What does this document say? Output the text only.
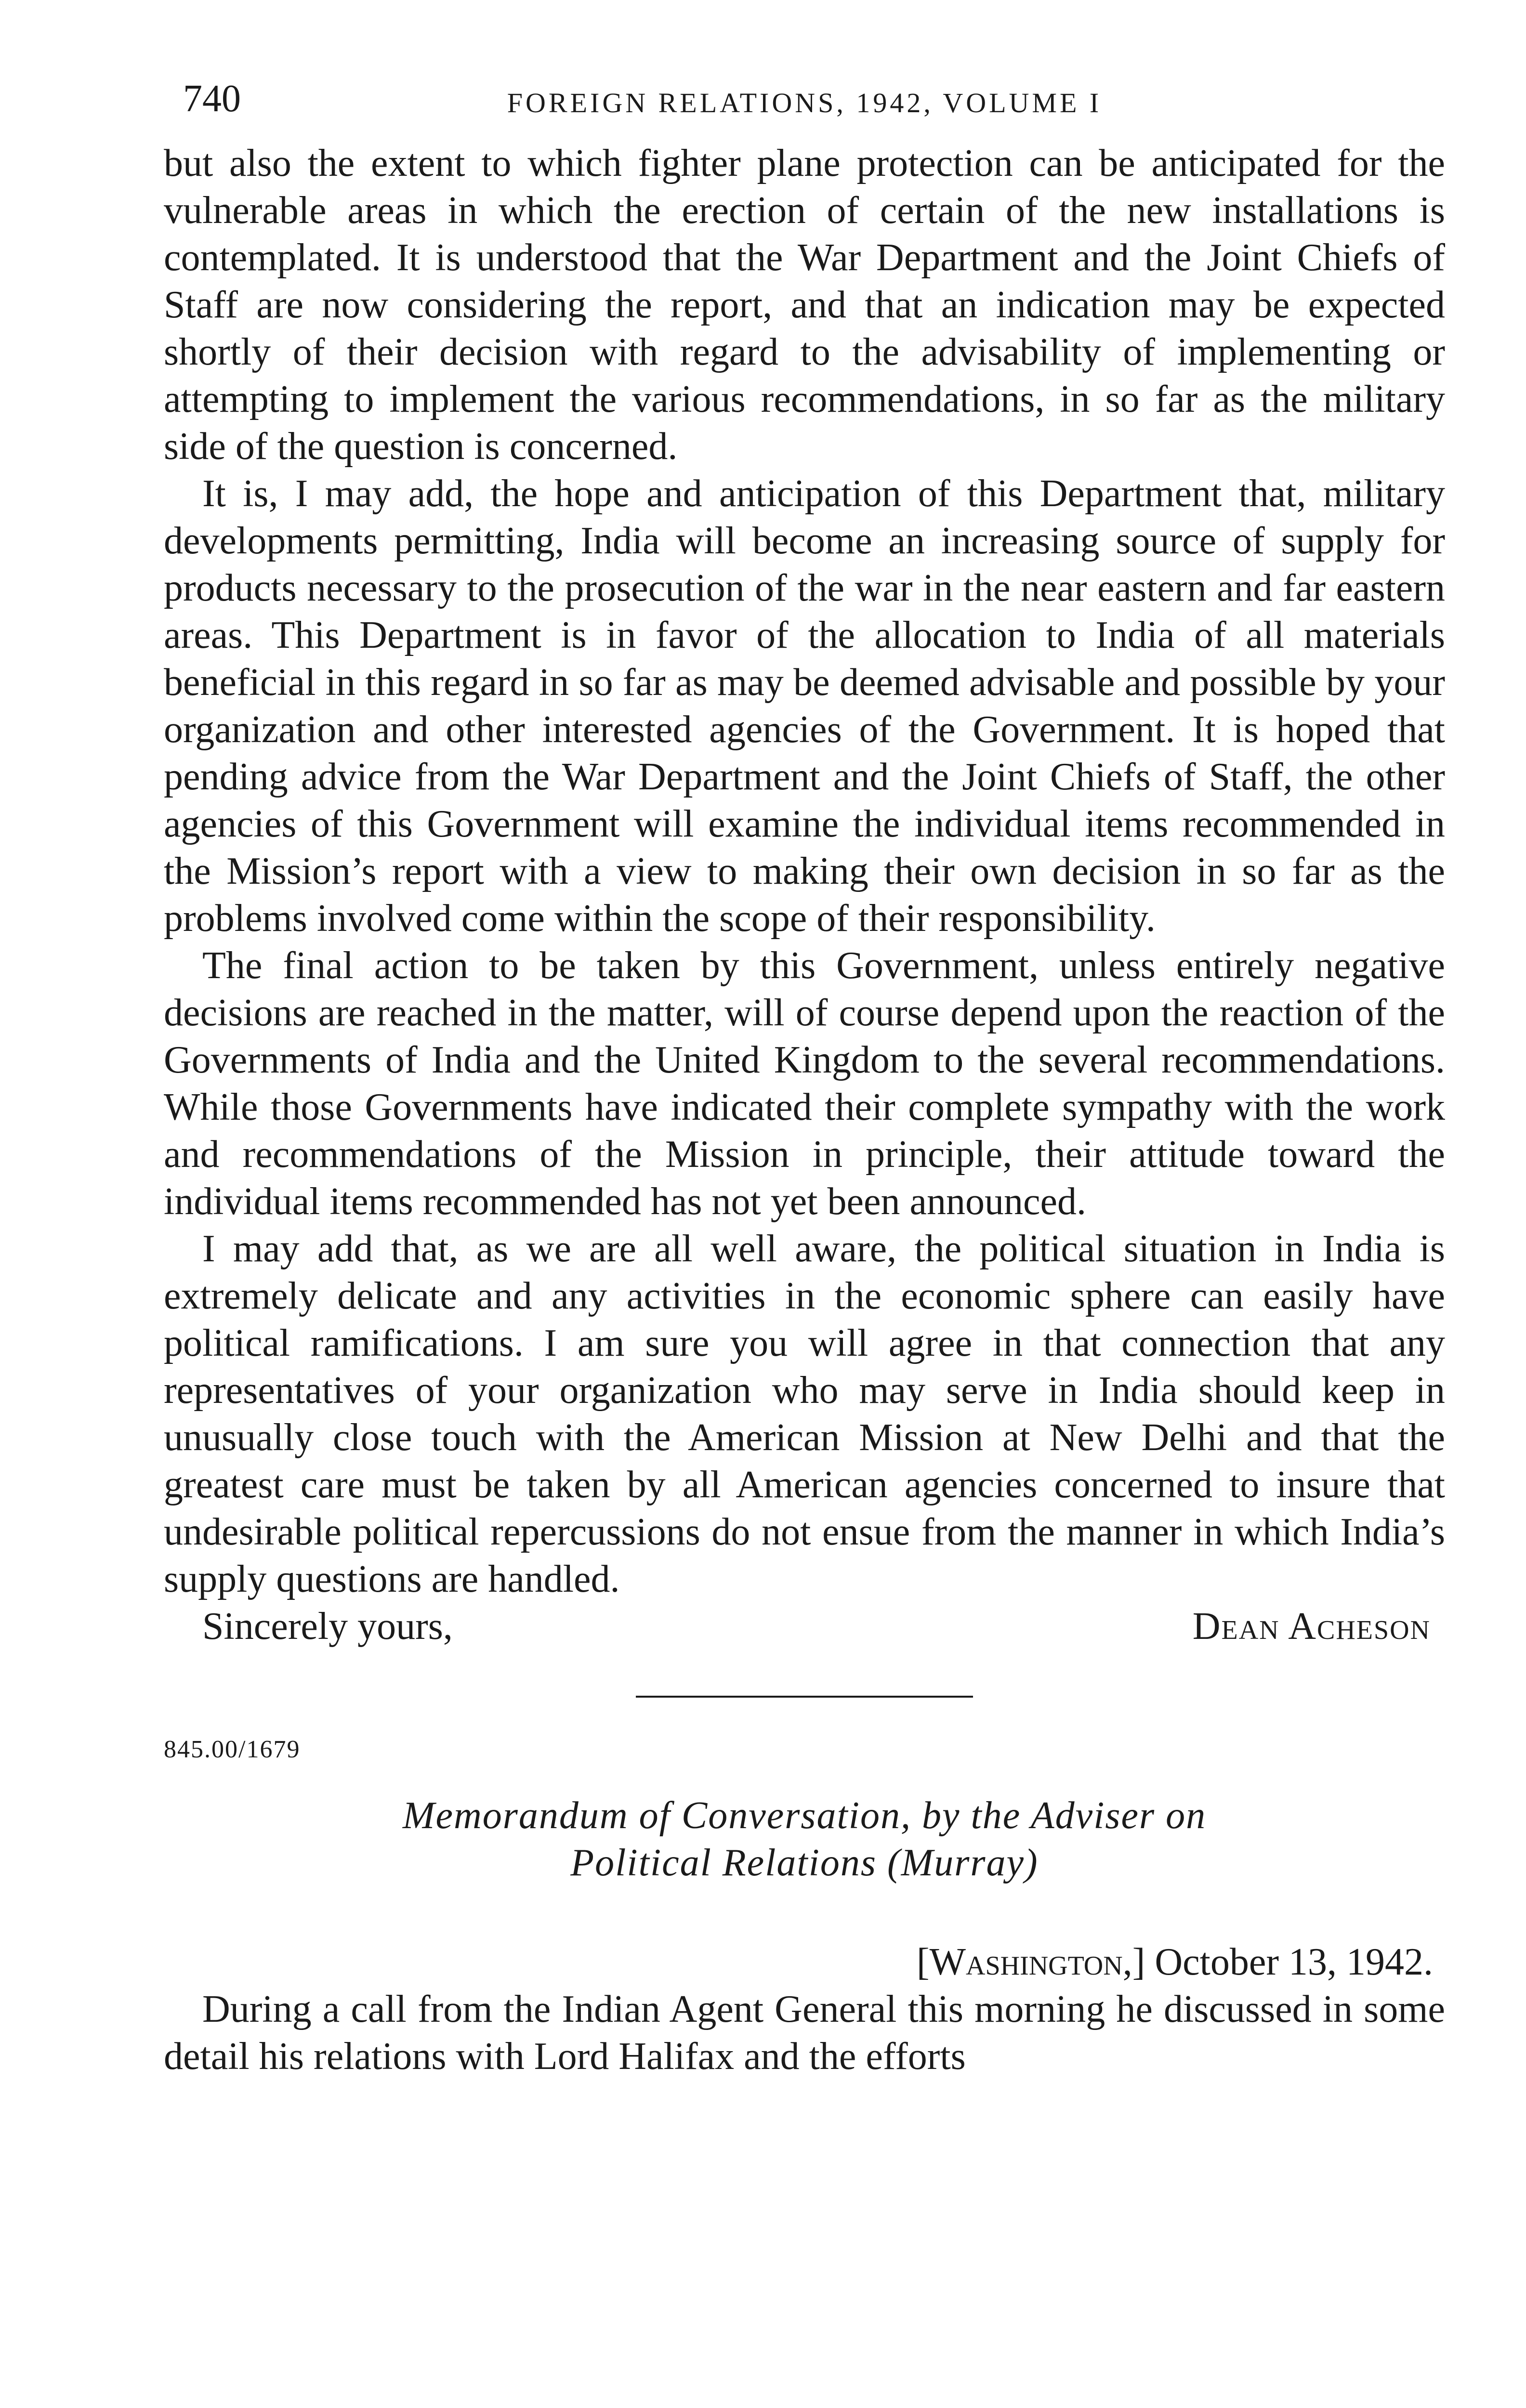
740	FOREIGN RELATIONS, 1942, VOLUME I

but also the extent to which fighter plane protection can be anticipated for the vulnerable areas in which the erection of certain of the new installations is contemplated. It is understood that the War Department and the Joint Chiefs of Staff are now considering the report, and that an indication may be expected shortly of their decision with regard to the advisability of implementing or attempting to implement the various recommendations, in so far as the military side of the question is concerned.

It is, I may add, the hope and anticipation of this Department that, military developments permitting, India will become an increasing source of supply for products necessary to the prosecution of the war in the near eastern and far eastern areas. This Department is in favor of the allocation to India of all materials beneficial in this regard in so far as may be deemed advisable and possible by your organization and other interested agencies of the Government. It is hoped that pending advice from the War Department and the Joint Chiefs of Staff, the other agencies of this Government will examine the individual items recommended in the Mission’s report with a view to making their own decision in so far as the problems involved come within the scope of their responsibility.

The final action to be taken by this Government, unless entirely negative decisions are reached in the matter, will of course depend upon the reaction of the Governments of India and the United Kingdom to the several recommendations. While those Governments have indicated their complete sympathy with the work and recommendations of the Mission in principle, their attitude toward the individual items recommended has not yet been announced.

I may add that, as we are all well aware, the political situation in India is extremely delicate and any activities in the economic sphere can easily have political ramifications. I am sure you will agree in that connection that any representatives of your organization who may serve in India should keep in unusually close touch with the American Mission at New Delhi and that the greatest care must be taken by all American agencies concerned to insure that undesirable political repercussions do not ensue from the manner in which India’s supply questions are handled.

Sincerely yours,	Dean Acheson
845.00/1679
Memorandum of Conversation, by the Adviser on
Political Relations (Murray)
[Washington,] October 13, 1942.

During a call from the Indian Agent General this morning he discussed in some detail his relations with Lord Halifax and the efforts
